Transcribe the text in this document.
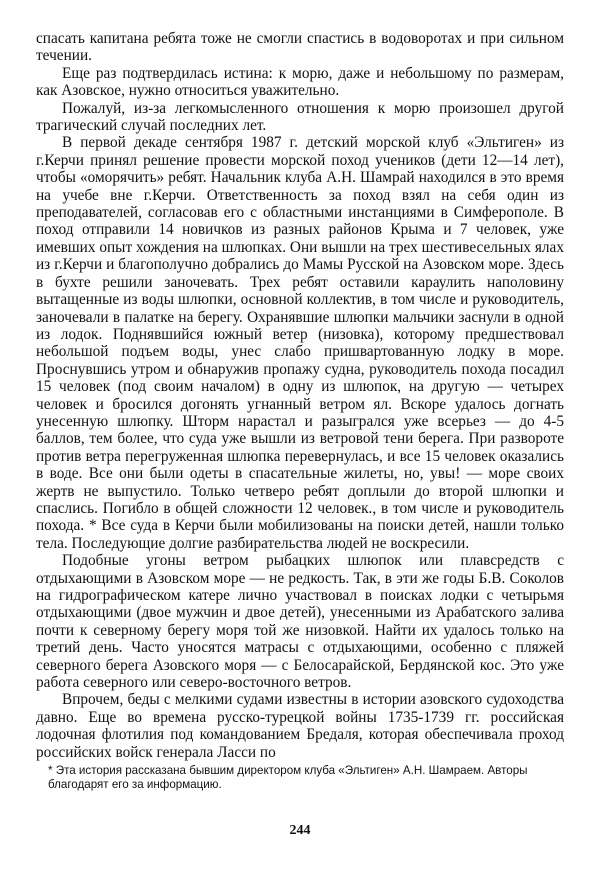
спасать капитана ребята тоже не смогли спастись в водоворотах и при сильном течении.

Еще раз подтвердилась истина: к морю, даже и небольшому по размерам, как Азовское, нужно относиться уважительно.

Пожалуй, из-за легкомысленного отношения к морю произошел другой трагический случай последних лет.

В первой декаде сентября 1987 г. детский морской клуб «Эльтиген» из г.Керчи принял решение провести морской поход учеников (дети 12—14 лет), чтобы «оморячить» ребят. Начальник клуба А.Н. Шамрай находился в это время на учебе вне г.Керчи. Ответственность за поход взял на себя один из преподавателей, согласовав его с областными инстанциями в Симферополе. В поход отправили 14 новичков из разных районов Крыма и 7 человек, уже имевших опыт хождения на шлюпках. Они вышли на трех шестивесельных ялах из г.Керчи и благополучно добрались до Мамы Русской на Азовском море. Здесь в бухте решили заночевать. Трех ребят оставили караулить наполовину вытащенные из воды шлюпки, основной коллектив, в том числе и руководитель, заночевали в палатке на берегу. Охранявшие шлюпки мальчики заснули в одной из лодок. Поднявшийся южный ветер (низовка), которому предшествовал небольшой подъем воды, унес слабо пришвартованную лодку в море. Проснувшись утром и обнаружив пропажу судна, руководитель похода посадил 15 человек (под своим началом) в одну из шлюпок, на другую — четырех человек и бросился догонять угнанный ветром ял. Вскоре удалось догнать унесенную шлюпку. Шторм нарастал и разыгрался уже всерьез — до 4-5 баллов, тем более, что суда уже вышли из ветровой тени берега. При развороте против ветра перегруженная шлюпка перевернулась, и все 15 человек оказались в воде. Все они были одеты в спасательные жилеты, но, увы! — море своих жертв не выпустило. Только четверо ребят доплыли до второй шлюпки и спаслись. Погибло в общей сложности 12 человек., в том числе и руководитель похода. * Все суда в Керчи были мобилизованы на поиски детей, нашли только тела. Последующие долгие разбирательства людей не воскресили.

Подобные угоны ветром рыбацких шлюпок или плавсредств с отдыхающими в Азовском море — не редкость. Так, в эти же годы Б.В. Соколов на гидрографическом катере лично участвовал в поисках лодки с четырьмя отдыхающими (двое мужчин и двое детей), унесенными из Арабатского залива почти к северному берегу моря той же низовкой. Найти их удалось только на третий день. Часто уносятся матрасы с отдыхающими, особенно с пляжей северного берега Азовского моря — с Белосарайской, Бердянской кос. Это уже работа северного или северо-восточного ветров.

Впрочем, беды с мелкими судами известны в истории азовского судоходства давно. Еще во времена русско-турецкой войны 1735-1739 гг. российская лодочная флотилия под командованием Бредаля, которая обеспечивала проход российских войск генерала Ласси по

* Эта история рассказана бывшим директором клуба «Эльтиген» А.Н. Шамраем. Авторы благодарят его за информацию.

244
